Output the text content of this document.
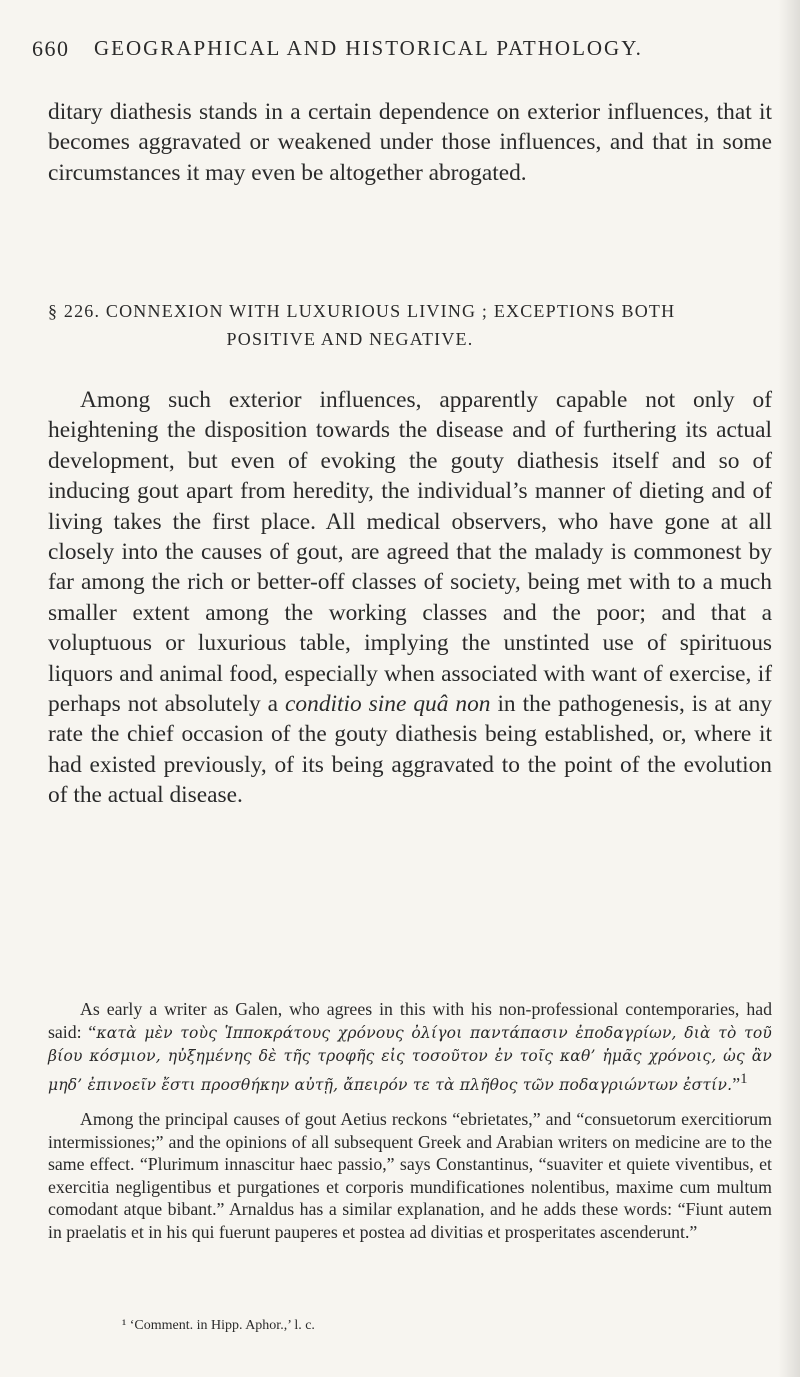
660 GEOGRAPHICAL AND HISTORICAL PATHOLOGY.

ditary diathesis stands in a certain dependence on exterior influences, that it becomes aggravated or weakened under those influences, and that in some circumstances it may even be altogether abrogated.

§ 226. CONNEXION WITH LUXURIOUS LIVING ; EXCEPTIONS BOTH
POSITIVE AND NEGATIVE.

Among such exterior influences, apparently capable not only of heightening the disposition towards the disease and of furthering its actual development, but even of evoking the gouty diathesis itself and so of inducing gout apart from heredity, the individual’s manner of dieting and of living takes the first place. All medical observers, who have gone at all closely into the causes of gout, are agreed that the malady is commonest by far among the rich or better-off classes of society, being met with to a much smaller extent among the working classes and the poor; and that a voluptuous or luxurious table, implying the unstinted use of spirituous liquors and animal food, especially when associated with want of exercise, if perhaps not absolutely a conditio sine quâ non in the pathogenesis, is at any rate the chief occasion of the gouty diathesis being established, or, where it had existed previously, of its being aggravated to the point of the evolution of the actual disease.

As early a writer as Galen, who agrees in this with his non-professional contemporaries, had said: “κατὰ μὲν τοὺς Ἱπποκράτους χρόνους ὀλίγοι παντάπασιν ἐποδαγρίων, διὰ τὸ τοῦ βίου κόσμιον, ηὐξημένης δὲ τῆς τροφῆς εἰς τοσοῦτον ἐν τοῖς καθ’ ἡμᾶς χρόνοις, ὡς ἂν μηδ’ ἐπινοεῖν ἔστι προσθήκην αὐτῇ, ἄπειρόν τε τὰ πλῆθος τῶν ποδαγριώντων ἐστίν.”$^1$

Among the principal causes of gout Aetius reckons “ebrietates,” and “consuetorum exercitiorum intermissiones;” and the opinions of all subsequent Greek and Arabian writers on medicine are to the same effect. “Plurimum innascitur haec passio,” says Constantinus, “suaviter et quiete viventibus, et exercitia negligentibus et purgationes et corporis mundificationes nolentibus, maxime cum multum comodant atque bibant.” Arnaldus has a similar explanation, and he adds these words: “Fiunt autem in praelatis et in his qui fuerunt pauperes et postea ad divitias et prosperitates ascenderunt.”

¹ ‘Comment. in Hipp. Aphor.,’ l. c.
